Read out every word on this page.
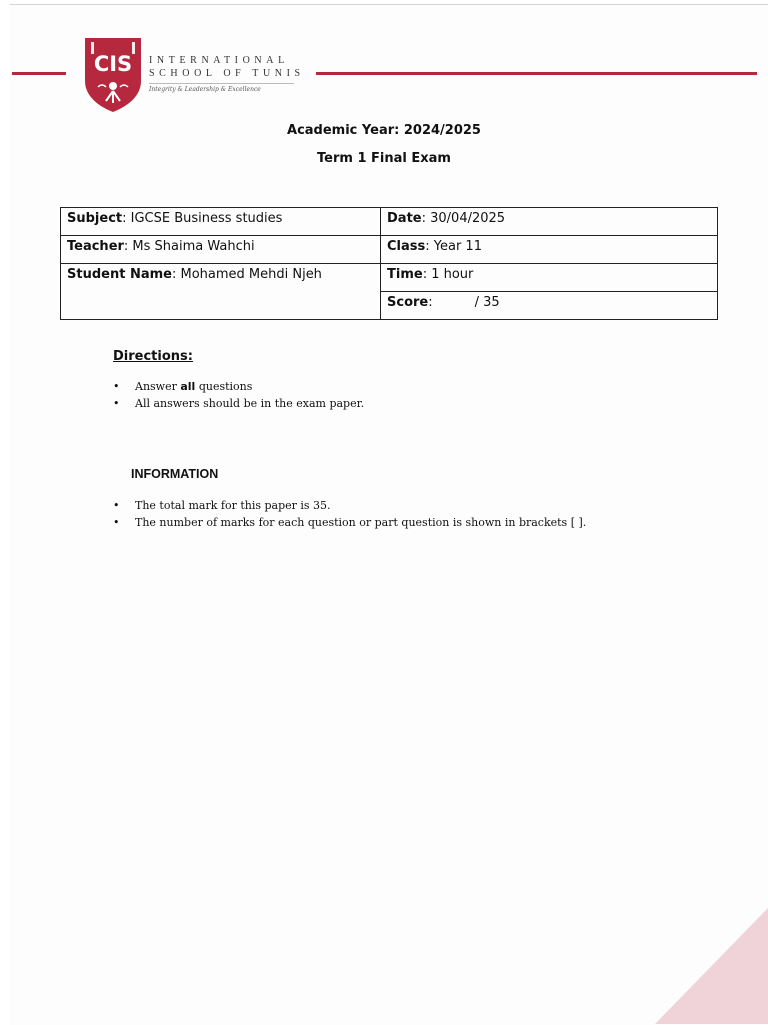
CIS INTERNATIONAL
SCHOOL OF TUNIS
Integrity & Leadership & Excellence
Academic Year: 2024/2025
Term 1 Final Exam
Subject: IGCSE Business studies	Date: 30/04/2025
Teacher: Ms Shaima Wahchi	Class: Year 11
Student Name: Mohamed Mehdi Njeh	Time: 1 hour
	Score: / 35
Directions:
• Answer all questions
• All answers should be in the exam paper.
INFORMATION
• The total mark for this paper is 35.
• The number of marks for each question or part question is shown in brackets [ ].
